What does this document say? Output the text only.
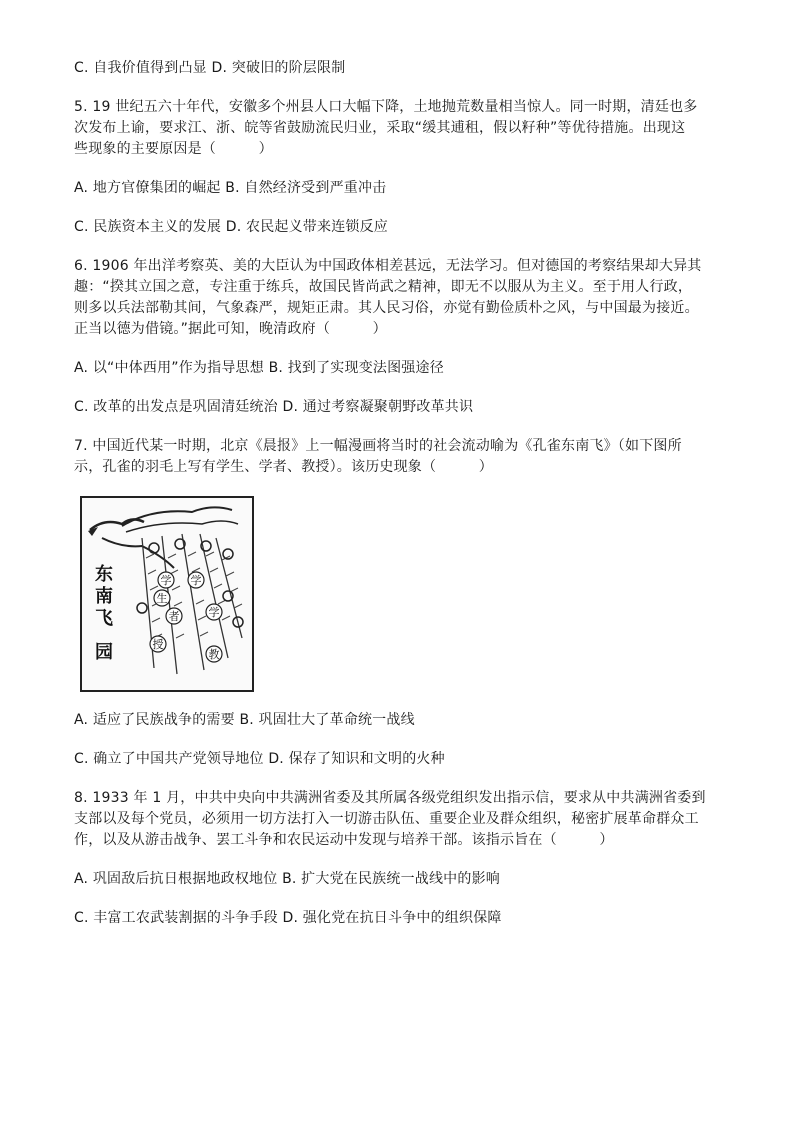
C. 自我价值得到凸显 D. 突破旧的阶层限制
5. 19 世纪五六十年代，安徽多个州县人口大幅下降，土地抛荒数量相当惊人。同一时期，清廷也多
次发布上谕，要求江、浙、皖等省鼓励流民归业，采取“缓其逋租，假以籽种”等优待措施。出现这
些现象的主要原因是（　　　）
A. 地方官僚集团的崛起 B. 自然经济受到严重冲击
C. 民族资本主义的发展 D. 农民起义带来连锁反应
6. 1906 年出洋考察英、美的大臣认为中国政体相差甚远，无法学习。但对德国的考察结果却大异其
趣：“揆其立国之意，专注重于练兵，故国民皆尚武之精神，即无不以服从为主义。至于用人行政，
则多以兵法部勒其间，气象森严，规矩正肃。其人民习俗，亦觉有勤俭质朴之风，与中国最为接近。
正当以德为借镜。”据此可知，晚清政府（　　　）
A. 以“中体西用”作为指导思想 B. 找到了实现变法图强途径
C. 改革的出发点是巩固清廷统治 D. 通过考察凝聚朝野改革共识
7. 中国近代某一时期，北京《晨报》上一幅漫画将当时的社会流动喻为《孔雀东南飞》（如下图所
示，孔雀的羽毛上写有学生、学者、教授）。该历史现象（　　　）
学 学
生
者	学
授
教
东
南
飞
园
A. 适应了民族战争的需要 B. 巩固壮大了革命统一战线
C. 确立了中国共产党领导地位 D. 保存了知识和文明的火种
8. 1933 年 1 月，中共中央向中共满洲省委及其所属各级党组织发出指示信，要求从中共满洲省委到
支部以及每个党员，必须用一切方法打入一切游击队伍、重要企业及群众组织，秘密扩展革命群众工
作，以及从游击战争、罢工斗争和农民运动中发现与培养干部。该指示旨在（　　　）
A. 巩固敌后抗日根据地政权地位 B. 扩大党在民族统一战线中的影响
C. 丰富工农武装割据的斗争手段 D. 强化党在抗日斗争中的组织保障
